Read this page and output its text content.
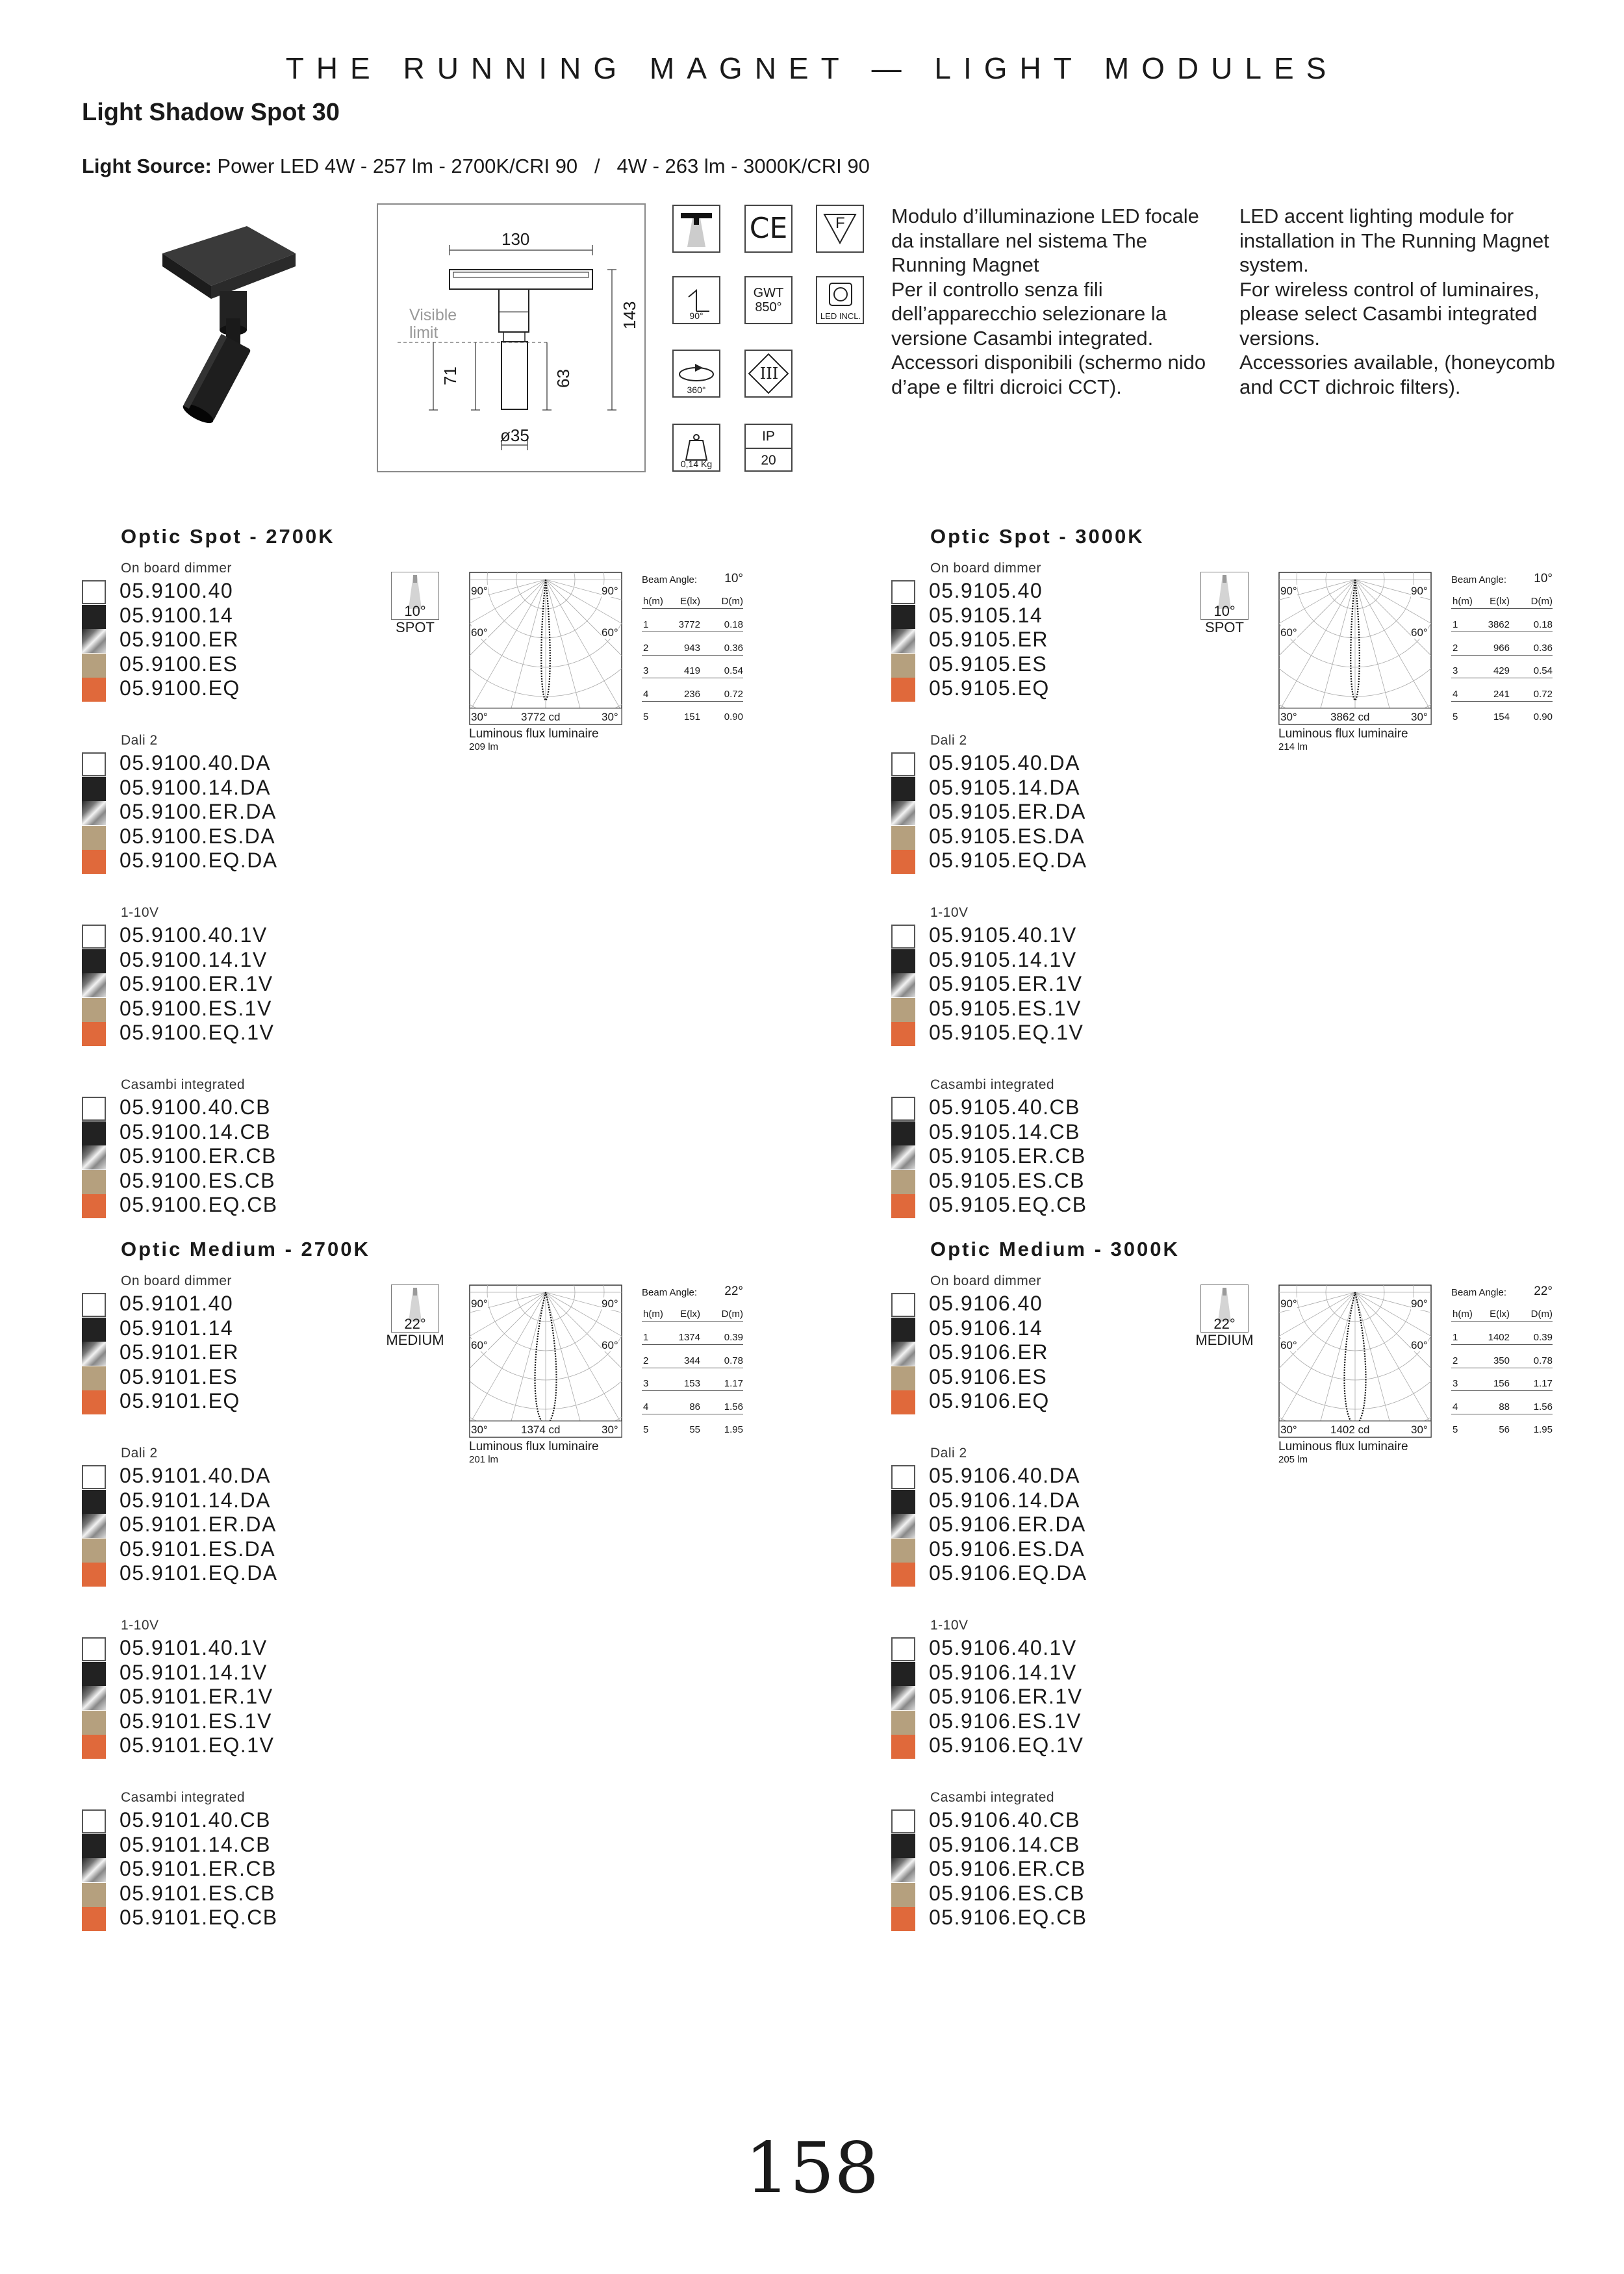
THE RUNNING MAGNET — LIGHT MODULES
Light Shadow Spot 30
Light Source: Power LED 4W - 257 lm - 2700K/CRI 90   /   4W - 263 lm - 3000K/CRI 90
130
Visible
limit
143
71	63
ø35
CE	F
90°
GWT
850°
LED INCL.
360°
III
0,14 Kg
IP
20
Modulo d’illuminazione LED focale
da installare nel sistema The
Running Magnet
Per il controllo senza fili
dell’apparecchio selezionare la
versione Casambi integrated.
Accessori disponibili (schermo nido
d’ape e filtri dicroici CCT).
LED accent lighting module for
installation in The Running Magnet
system.
For wireless control of luminaires,
please select Casambi integrated
versions.
Accessories available, (honeycomb
and CCT dichroic filters).
Optic Spot - 2700K
On board dimmer
05.9100.40
05.9100.14
05.9100.ER
05.9100.ES
05.9100.EQ
Dali 2
05.9100.40.DA
05.9100.14.DA
05.9100.ER.DA
05.9100.ES.DA
05.9100.EQ.DA
1-10V
05.9100.40.1V
05.9100.14.1V
05.9100.ER.1V
05.9100.ES.1V
05.9100.EQ.1V
Casambi integrated
05.9100.40.CB
05.9100.14.CB
05.9100.ER.CB
05.9100.ES.CB
05.9100.EQ.CB
10°
SPOT
90°	90°
60°	60°
30°	30°
3772 cd
Luminous flux luminaire
209 lm
Beam Angle: 10°
h(m) E(lx) D(m)
1	3772 0.18
2	943 0.36
3	419 0.54
4	236 0.72
5	151 0.90
Optic Spot - 3000K
On board dimmer
05.9105.40
05.9105.14
05.9105.ER
05.9105.ES
05.9105.EQ
Dali 2
05.9105.40.DA
05.9105.14.DA
05.9105.ER.DA
05.9105.ES.DA
05.9105.EQ.DA
1-10V
05.9105.40.1V
05.9105.14.1V
05.9105.ER.1V
05.9105.ES.1V
05.9105.EQ.1V
Casambi integrated
05.9105.40.CB
05.9105.14.CB
05.9105.ER.CB
05.9105.ES.CB
05.9105.EQ.CB
10°
SPOT
90°	90°
60°	60°
30°	30°
3862 cd
Luminous flux luminaire
214 lm
Beam Angle: 10°
h(m) E(lx) D(m)
1	3862 0.18
2	966 0.36
3	429 0.54
4	241 0.72
5	154 0.90
Optic Medium - 2700K
On board dimmer
05.9101.40
05.9101.14
05.9101.ER
05.9101.ES
05.9101.EQ
Dali 2
05.9101.40.DA
05.9101.14.DA
05.9101.ER.DA
05.9101.ES.DA
05.9101.EQ.DA
1-10V
05.9101.40.1V
05.9101.14.1V
05.9101.ER.1V
05.9101.ES.1V
05.9101.EQ.1V
Casambi integrated
05.9101.40.CB
05.9101.14.CB
05.9101.ER.CB
05.9101.ES.CB
05.9101.EQ.CB
22°
MEDIUM
90°	90°
60°	60°
30°	30°
1374 cd
Luminous flux luminaire
201 lm
Beam Angle: 22°
h(m) E(lx) D(m)
1	1374 0.39
2	344 0.78
3	153 1.17
4	86 1.56
5	55 1.95
Optic Medium - 3000K
On board dimmer
05.9106.40
05.9106.14
05.9106.ER
05.9106.ES
05.9106.EQ
Dali 2
05.9106.40.DA
05.9106.14.DA
05.9106.ER.DA
05.9106.ES.DA
05.9106.EQ.DA
1-10V
05.9106.40.1V
05.9106.14.1V
05.9106.ER.1V
05.9106.ES.1V
05.9106.EQ.1V
Casambi integrated
05.9106.40.CB
05.9106.14.CB
05.9106.ER.CB
05.9106.ES.CB
05.9106.EQ.CB
22°
MEDIUM
90°	90°
60°	60°
30°	30°
1402 cd
Luminous flux luminaire
205 lm
Beam Angle: 22°
h(m) E(lx) D(m)
1	1402 0.39
2	350 0.78
3	156 1.17
4	88 1.56
5	56 1.95
158
